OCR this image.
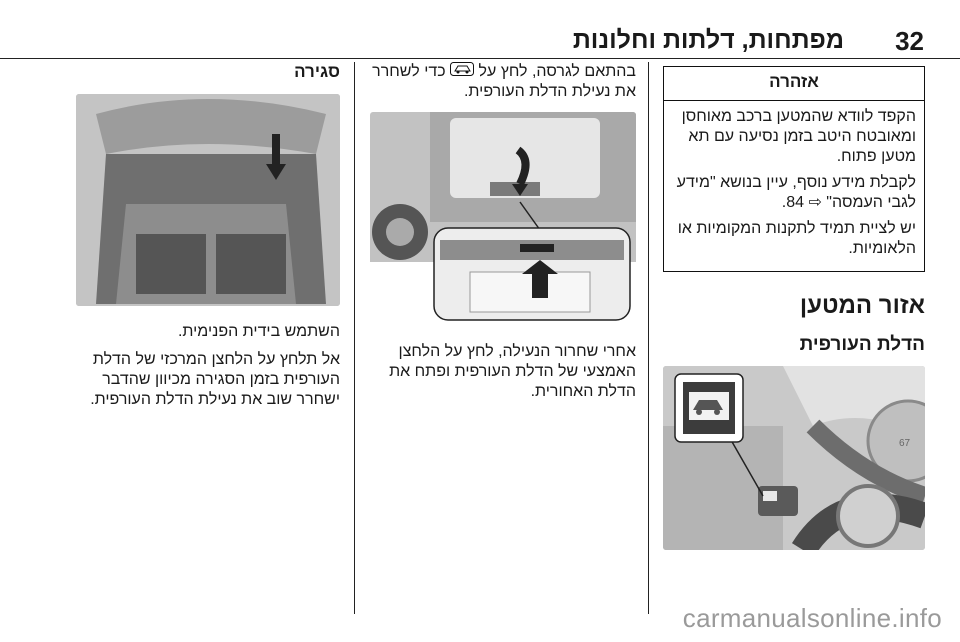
32
מפתחות, דלתות וחלונות
אזהרה

הקפד לוודא שהמטען ברכב מאוחסן ומאובטח היטב בזמן נסיעה עם תא מטען פתוח.

לקבלת מידע נוסף, עיין בנושא "מידע לגבי העמסה" ⇨ 84.

יש לציית תמיד לתקנות המקומיות או הלאומיות.

אזור המטען
הדלת העורפית
67

בהתאם לגרסה, לחץ על  כדי לשחרר את נעילת הדלת העורפית.

אחרי שחרור הנעילה, לחץ על הלחצן האמצעי של הדלת העורפית ופתח את הדלת האחורית.

סגירה

השתמש בידית הפנימית.

אל תלחץ על הלחצן המרכזי של הדלת העורפית בזמן הסגירה מכיוון שהדבר ישחרר שוב את נעילת הדלת העורפית.

carmanualsonline.info
